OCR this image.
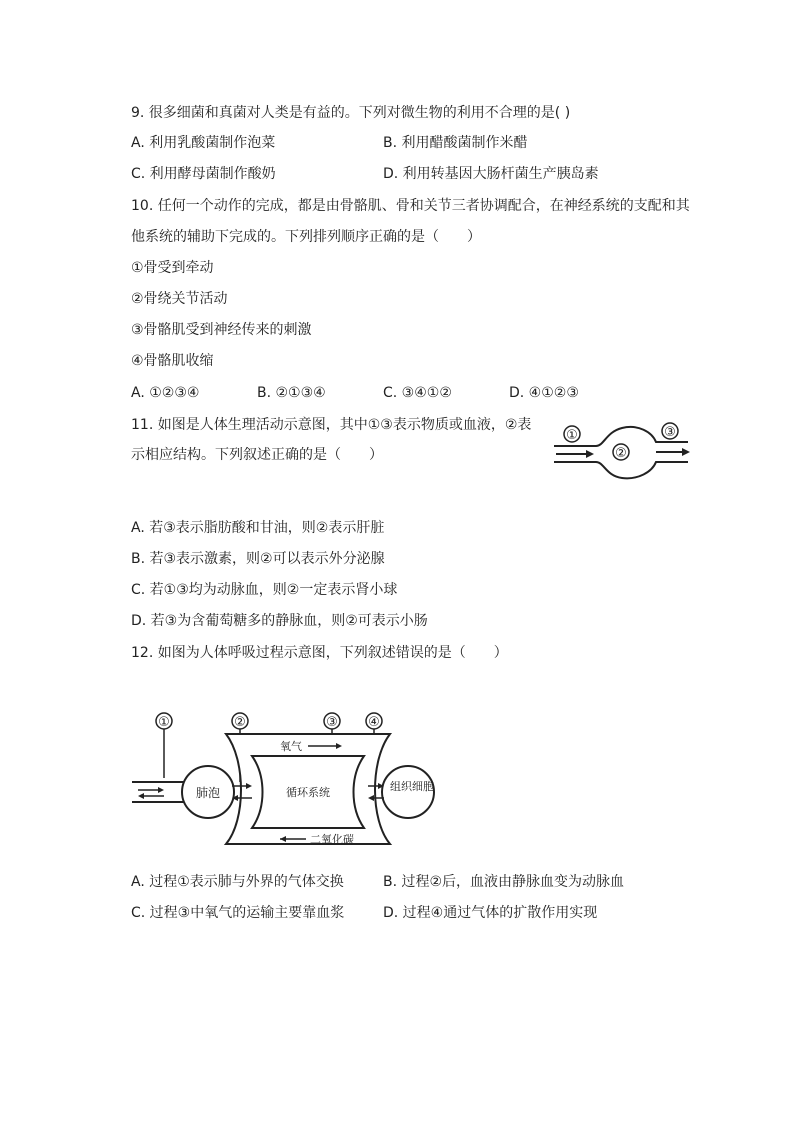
9. 很多细菌和真菌对人类是有益的。下列对微生物的利用不合理的是( )
A. 利用乳酸菌制作泡菜	B. 利用醋酸菌制作米醋
C. 利用酵母菌制作酸奶	D. 利用转基因大肠杆菌生产胰岛素
10. 任何一个动作的完成，都是由骨骼肌、骨和关节三者协调配合，在神经系统的支配和其
他系统的辅助下完成的。下列排列顺序正确的是（　　）
①骨受到牵动
②骨绕关节活动
③骨骼肌受到神经传来的刺激
④骨骼肌收缩
A. ①②③④	B. ②①③④	C. ③④①②	D. ④①②③
11. 如图是人体生理活动示意图，其中①③表示物质或血液，②表
示相应结构。下列叙述正确的是（　　）
①
②
③
A. 若③表示脂肪酸和甘油，则②表示肝脏
B. 若③表示激素，则②可以表示外分泌腺
C. 若①③均为动脉血，则②一定表示肾小球
D. 若③为含葡萄糖多的静脉血，则②可表示小肠
12. 如图为人体呼吸过程示意图，下列叙述错误的是（　　）
①	②	③ ④
肺泡	组织细胞
循环系统
氧气
二氧化碳
A. 过程①表示肺与外界的气体交换	B. 过程②后，血液由静脉血变为动脉血
C. 过程③中氧气的运输主要靠血浆	D. 过程④通过气体的扩散作用实现
